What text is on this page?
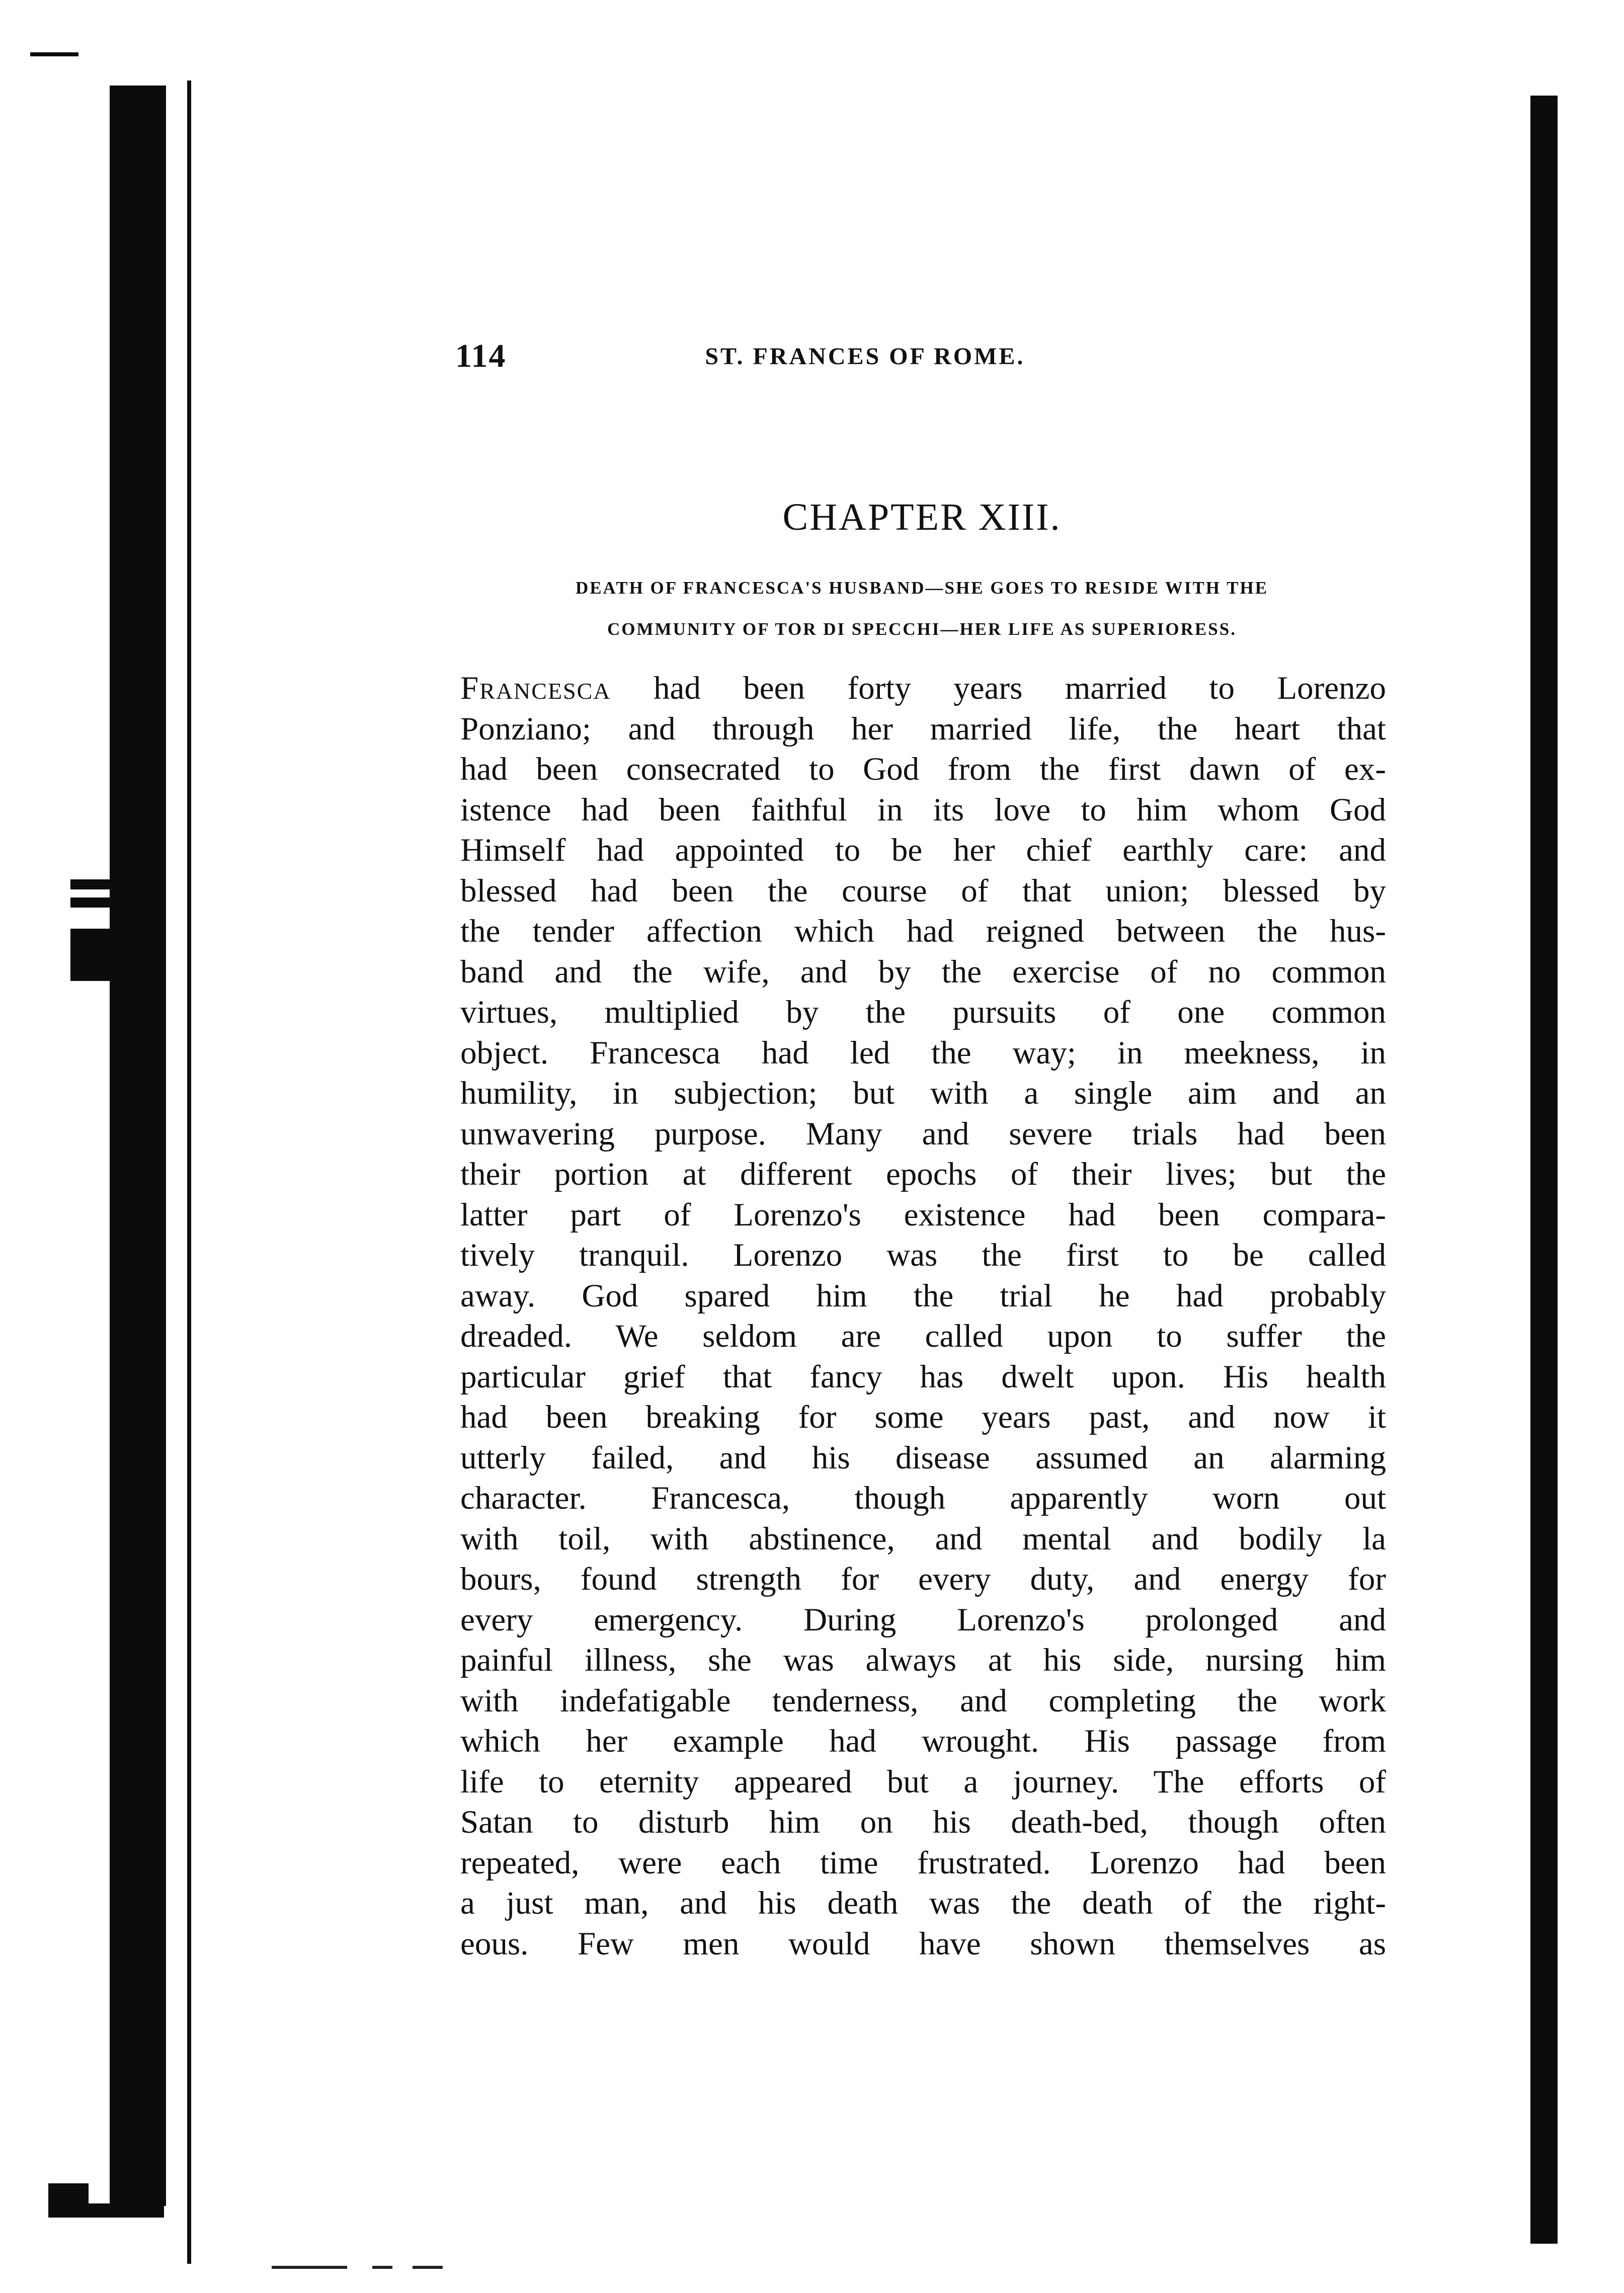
114	ST. FRANCES OF ROME.
CHAPTER XIII.
DEATH OF FRANCESCA'S HUSBAND—SHE GOES TO RESIDE WITH THE
COMMUNITY OF TOR DI SPECCHI—HER LIFE AS SUPERIORESS.
Francesca had been forty years married to Lorenzo
Ponziano; and through her married life, the heart that
had been consecrated to God from the first dawn of ex-
istence had been faithful in its love to him whom God
Himself had appointed to be her chief earthly care: and
blessed had been the course of that union; blessed by
the tender affection which had reigned between the hus-
band and the wife, and by the exercise of no common
virtues, multiplied by the pursuits of one common
object. Francesca had led the way; in meekness, in
humility, in subjection; but with a single aim and an
unwavering purpose. Many and severe trials had been
their portion at different epochs of their lives; but the
latter part of Lorenzo's existence had been compara-
tively tranquil. Lorenzo was the first to be called
away. God spared him the trial he had probably
dreaded. We seldom are called upon to suffer the
particular grief that fancy has dwelt upon. His health
had been breaking for some years past, and now it
utterly failed, and his disease assumed an alarming
character. Francesca, though apparently worn out
with toil, with abstinence, and mental and bodily la
bours, found strength for every duty, and energy for
every emergency. During Lorenzo's prolonged and
painful illness, she was always at his side, nursing him
with indefatigable tenderness, and completing the work
which her example had wrought. His passage from
life to eternity appeared but a journey. The efforts of
Satan to disturb him on his death-bed, though often
repeated, were each time frustrated. Lorenzo had been
a just man, and his death was the death of the right-
eous. Few men would have shown themselves as
